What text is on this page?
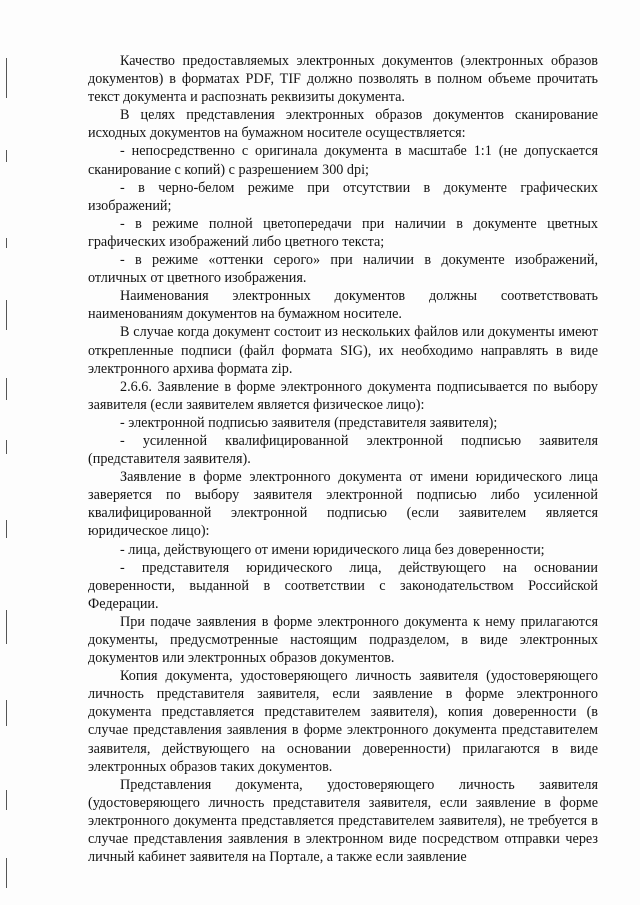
Качество предоставляемых электронных документов (электронных образов документов) в форматах PDF, TIF должно позволять в полном объеме прочитать текст документа и распознать реквизиты документа.

В целях представления электронных образов документов сканирование исходных документов на бумажном носителе осуществляется:

- непосредственно с оригинала документа в масштабе 1:1 (не допускается сканирование с копий) с разрешением 300 dpi;

- в черно-белом режиме при отсутствии в документе графических изображений;

- в режиме полной цветопередачи при наличии в документе цветных графических изображений либо цветного текста;

- в режиме «оттенки серого» при наличии в документе изображений, отличных от цветного изображения.

Наименования электронных документов должны соответствовать наименованиям документов на бумажном носителе.

В случае когда документ состоит из нескольких файлов или документы имеют открепленные подписи (файл формата SIG), их необходимо направлять в виде электронного архива формата zip.

2.6.6. Заявление в форме электронного документа подписывается по выбору заявителя (если заявителем является физическое лицо):

- электронной подписью заявителя (представителя заявителя);

- усиленной квалифицированной электронной подписью заявителя (представителя заявителя).

Заявление в форме электронного документа от имени юридического лица заверяется по выбору заявителя электронной подписью либо усиленной квалифицированной электронной подписью (если заявителем является юридическое лицо):

- лица, действующего от имени юридического лица без доверенности;

- представителя юридического лица, действующего на основании доверенности, выданной в соответствии с законодательством Российской Федерации.

При подаче заявления в форме электронного документа к нему прилагаются документы, предусмотренные настоящим подразделом, в виде электронных документов или электронных образов документов.

Копия документа, удостоверяющего личность заявителя (удостоверяющего личность представителя заявителя, если заявление в форме электронного документа представляется представителем заявителя), копия доверенности (в случае представления заявления в форме электронного документа представителем заявителя, действующего на основании доверенности) прилагаются в виде электронных образов таких документов.

Представления документа, удостоверяющего личность заявителя (удостоверяющего личность представителя заявителя, если заявление в форме электронного документа представляется представителем заявителя), не требуется в случае представления заявления в электронном виде посредством отправки через личный кабинет заявителя на Портале, а также если заявление
